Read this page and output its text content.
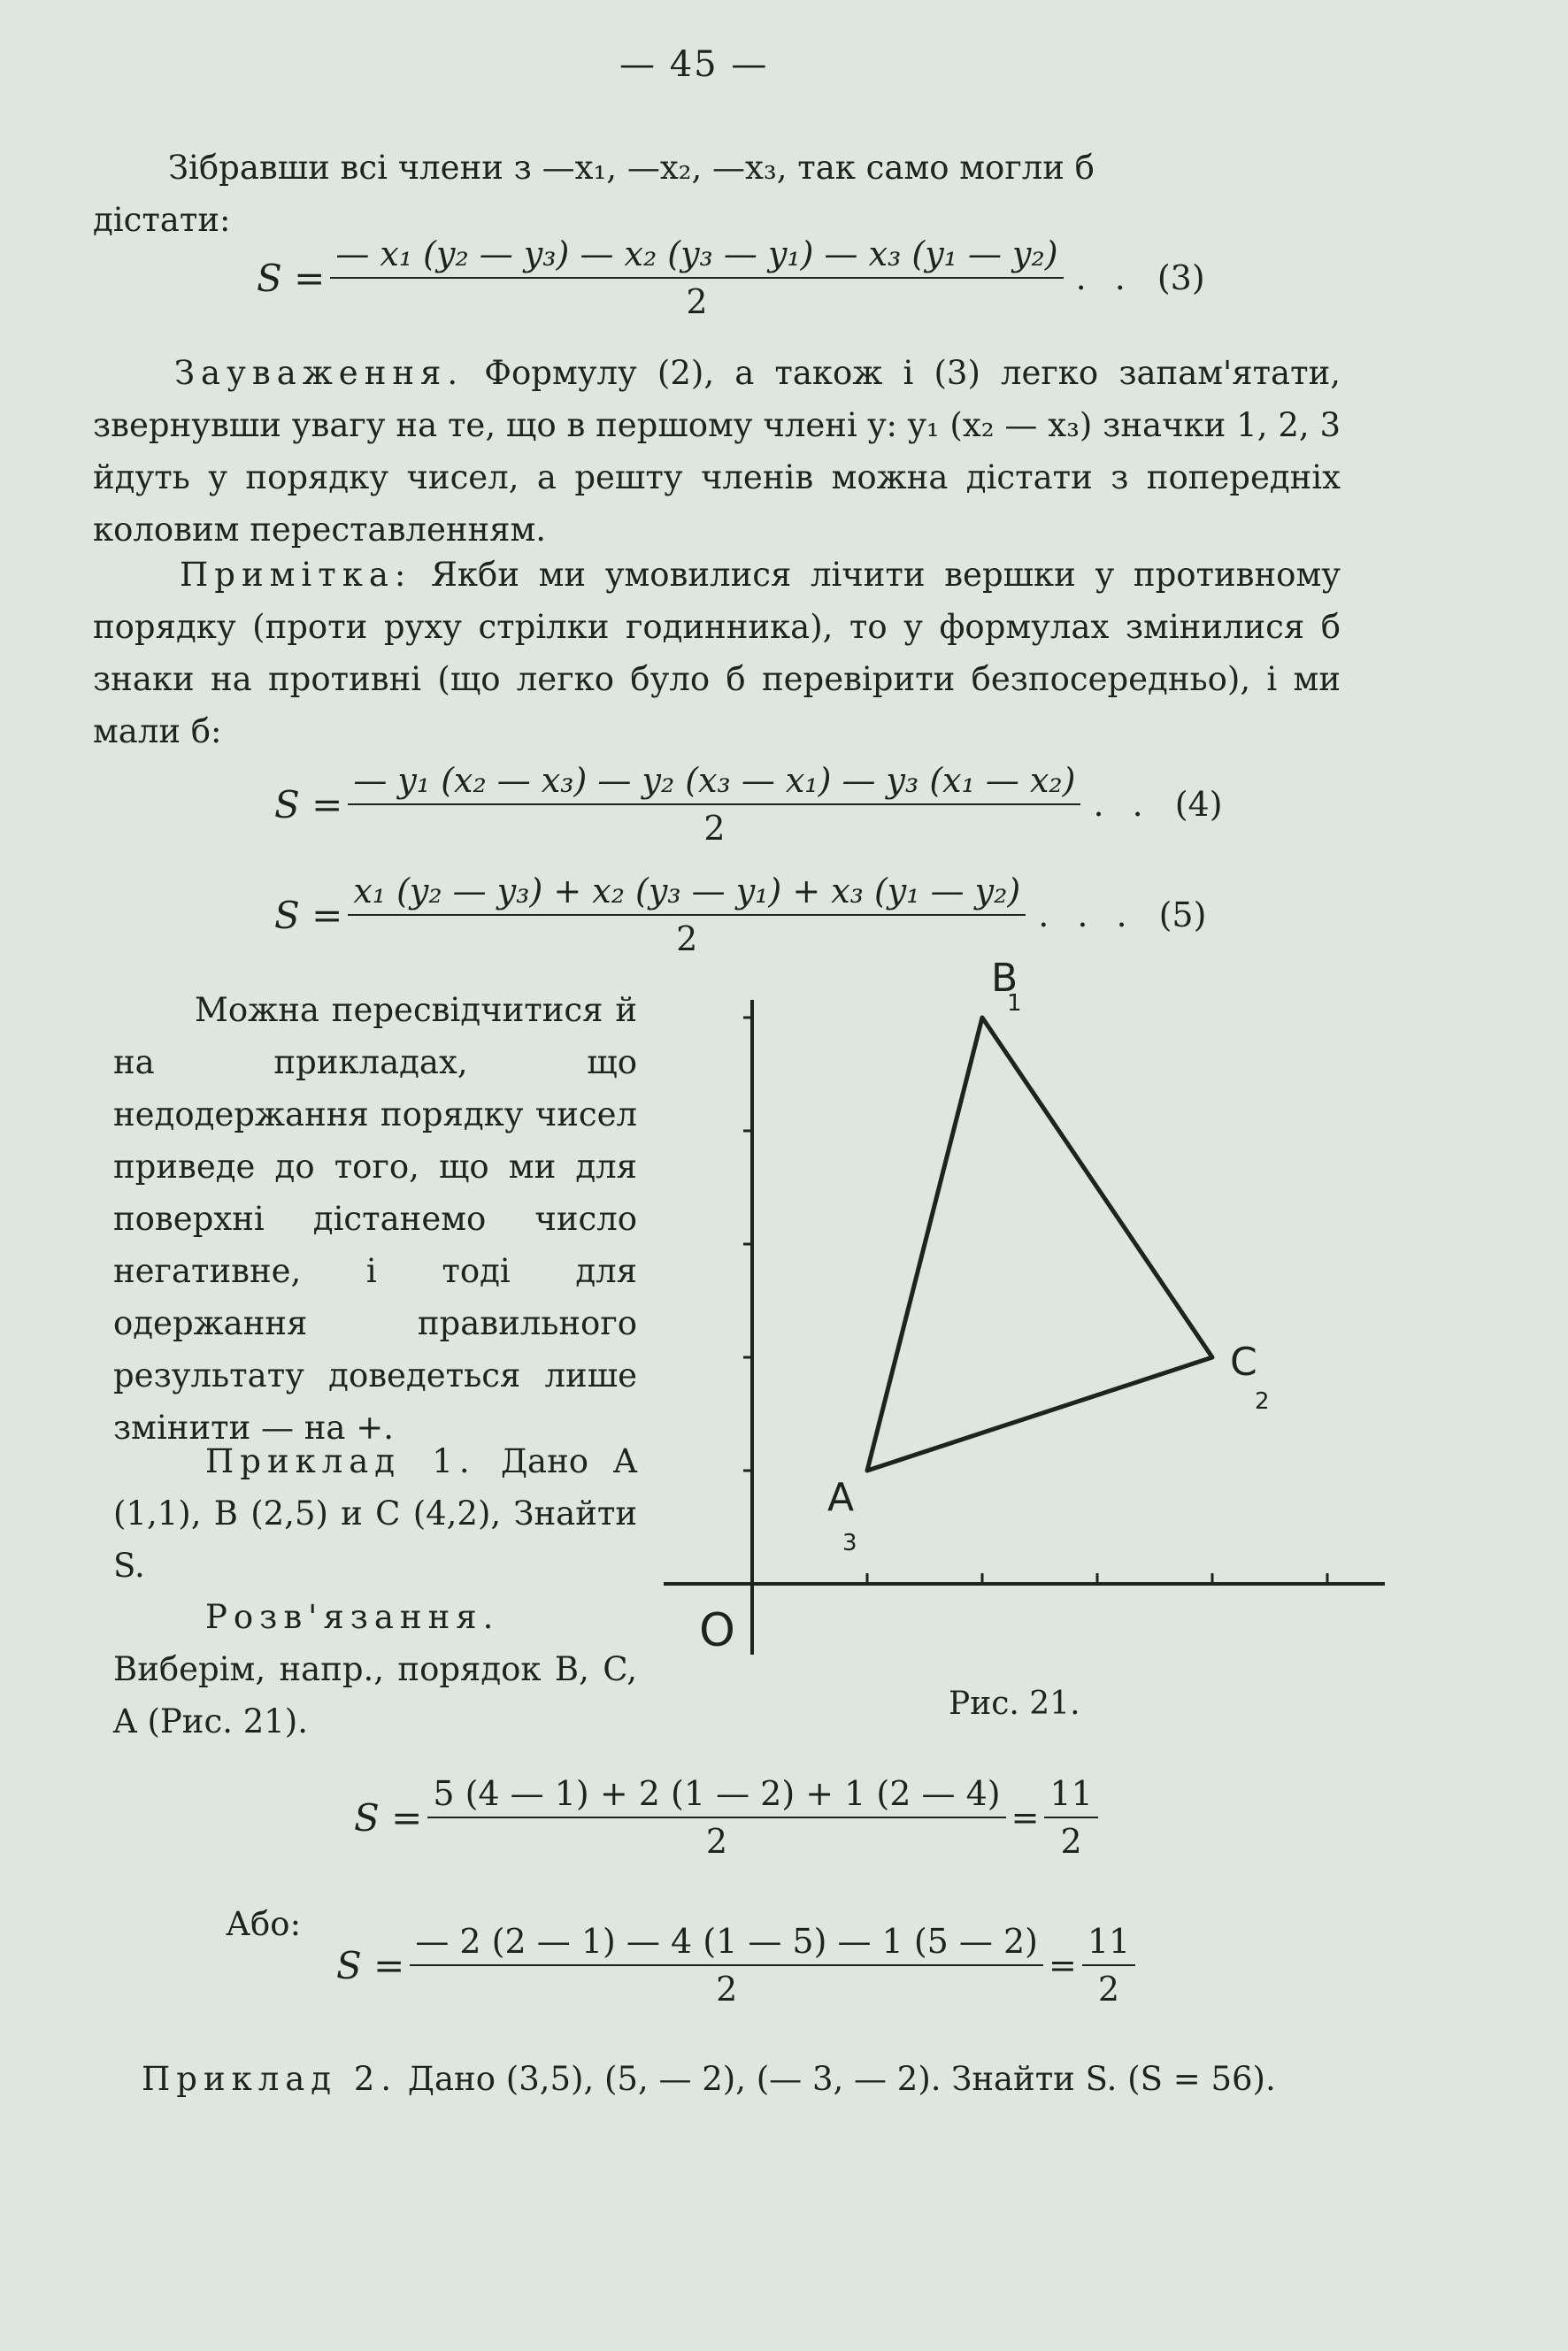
— 45 —
Зібравши всі члени з —x₁, —x₂, —x₃, так само могли б
дістати:
$S = \frac{\text{— x₁ (y₂ — y₃) — x₂ (y₃ — y₁) — x₃ (y₁ — y₂)}}{2}$ . . (3)
Зауваження. Формулу (2), а також і (3) легко запам'ятати, звернувши увагу на те, що в першому члені y: y₁ (x₂ — x₃) значки 1, 2, 3 йдуть у порядку чисел, а решту членів можна дістати з попередніх коловим переставленням.
Примітка: Якби ми умовилися лічити вершки у противному порядку (проти руху стрілки годинника), то у формулах змінилися б знаки на противні (що легко було б перевірити безпосередньо), і ми мали б:
$S = \frac{\text{— y₁ (x₂ — x₃) — y₂ (x₃ — x₁) — y₃ (x₁ — x₂)}}{2}$ . . (4)
$S = \frac{\text{x₁ (y₂ — y₃) + x₂ (y₃ — y₁) + x₃ (y₁ — y₂)}}{2}$ . . . (5)
Можна пересвідчитися й на прикладах, що недодержання порядку чисел приведе до того, що ми для поверхні дістанемо число негативне, і тоді для одержання правильного результату доведеться лише змінити — на +.
Приклад 1. Дано A (1,1), B (2,5) и C (4,2), Знайти S.
Розв'язання. Виберім, напр., порядок B, C, A (Рис. 21).
A
3
B
1
C
2
O
Рис. 21.
$S = \frac{5 (4 — 1) + 2 (1 — 2) + 1 (2 — 4)}{2} = \frac{11}{2}$
Або:
$S = \frac{— 2 (2 — 1) — 4 (1 — 5) — 1 (5 — 2)}{2} = \frac{11}{2}$
Приклад 2. Дано (3,5), (5, — 2), (— 3, — 2). Знайти S. (S = 56).
